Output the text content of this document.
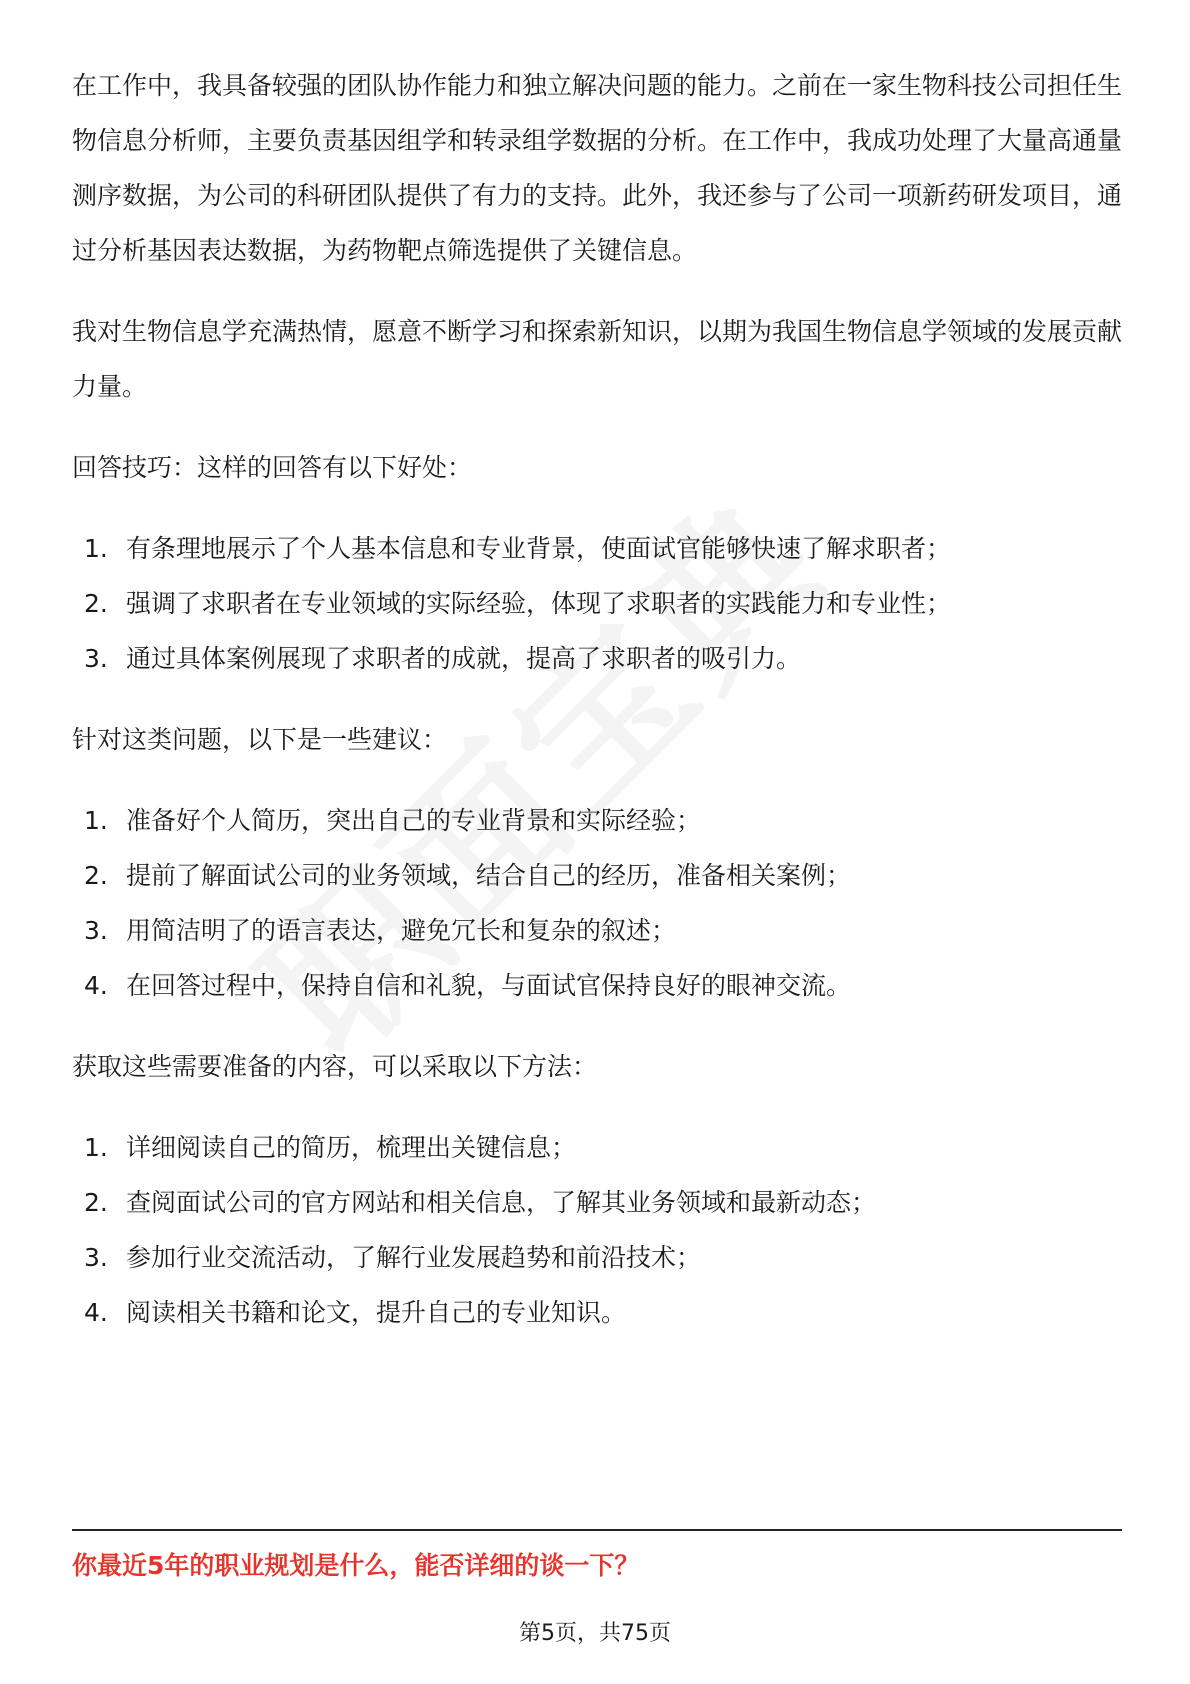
在工作中，我具备较强的团队协作能力和独立解决问题的能力。之前在一家生物科技公司担任生物信息分析师，主要负责基因组学和转录组学数据的分析。在工作中，我成功处理了大量高通量测序数据，为公司的科研团队提供了有力的支持。此外，我还参与了公司一项新药研发项目，通过分析基因表达数据，为药物靶点筛选提供了关键信息。

我对生物信息学充满热情，愿意不断学习和探索新知识，以期为我国生物信息学领域的发展贡献力量。

回答技巧：这样的回答有以下好处：

1. 有条理地展示了个人基本信息和专业背景，使面试官能够快速了解求职者；
2. 强调了求职者在专业领域的实际经验，体现了求职者的实践能力和专业性；
3. 通过具体案例展现了求职者的成就，提高了求职者的吸引力。

针对这类问题，以下是一些建议：

1. 准备好个人简历，突出自己的专业背景和实际经验；
2. 提前了解面试公司的业务领域，结合自己的经历，准备相关案例；
3. 用简洁明了的语言表达，避免冗长和复杂的叙述；
4. 在回答过程中，保持自信和礼貌，与面试官保持良好的眼神交流。

获取这些需要准备的内容，可以采取以下方法：

1. 详细阅读自己的简历，梳理出关键信息；
2. 查阅面试公司的官方网站和相关信息，了解其业务领域和最新动态；
3. 参加行业交流活动，了解行业发展趋势和前沿技术；
4. 阅读相关书籍和论文，提升自己的专业知识。
你最近5年的职业规划是什么，能否详细的谈一下？
第5页，共75页
